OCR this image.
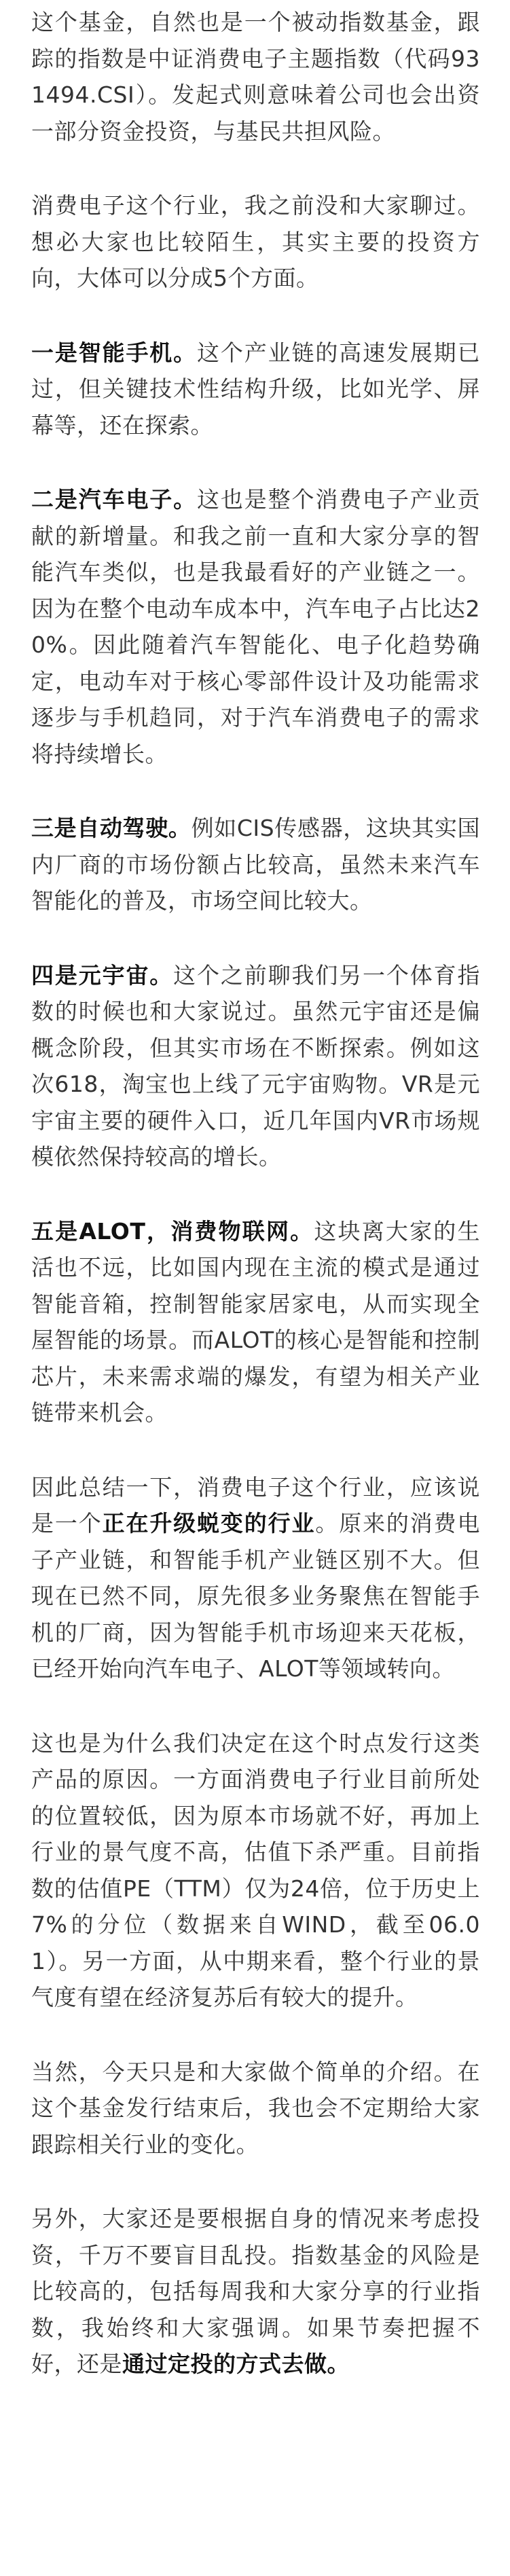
这个基金，自然也是一个被动指数基金，跟踪的指数是中证消费电子主题指数（代码931494.CSI）。发起式则意味着公司也会出资一部分资金投资，与基民共担风险。

消费电子这个行业，我之前没和大家聊过。想必大家也比较陌生，其实主要的投资方向，大体可以分成5个方面。

一是智能手机。这个产业链的高速发展期已过，但关键技术性结构升级，比如光学、屏幕等，还在探索。

二是汽车电子。这也是整个消费电子产业贡献的新增量。和我之前一直和大家分享的智能汽车类似，也是我最看好的产业链之一。因为在整个电动车成本中，汽车电子占比达20%。因此随着汽车智能化、电子化趋势确定，电动车对于核心零部件设计及功能需求逐步与手机趋同，对于汽车消费电子的需求将持续增长。

三是自动驾驶。例如CIS传感器，这块其实国内厂商的市场份额占比较高，虽然未来汽车智能化的普及，市场空间比较大。

四是元宇宙。这个之前聊我们另一个体育指数的时候也和大家说过。虽然元宇宙还是偏概念阶段，但其实市场在不断探索。例如这次618，淘宝也上线了元宇宙购物。VR是元宇宙主要的硬件入口，近几年国内VR市场规模依然保持较高的增长。

五是ALOT，消费物联网。这块离大家的生活也不远，比如国内现在主流的模式是通过智能音箱，控制智能家居家电，从而实现全屋智能的场景。而ALOT的核心是智能和控制芯片，未来需求端的爆发，有望为相关产业链带来机会。

因此总结一下，消费电子这个行业，应该说是一个正在升级蜕变的行业。原来的消费电子产业链，和智能手机产业链区别不大。但现在已然不同，原先很多业务聚焦在智能手机的厂商，因为智能手机市场迎来天花板，已经开始向汽车电子、ALOT等领域转向。

这也是为什么我们决定在这个时点发行这类产品的原因。一方面消费电子行业目前所处的位置较低，因为原本市场就不好，再加上行业的景气度不高，估值下杀严重。目前指数的估值PE（TTM）仅为24倍，位于历史上7%的分位（数据来自WIND，截至06.01）。另一方面，从中期来看，整个行业的景气度有望在经济复苏后有较大的提升。

当然，今天只是和大家做个简单的介绍。在这个基金发行结束后，我也会不定期给大家跟踪相关行业的变化。

另外，大家还是要根据自身的情况来考虑投资，千万不要盲目乱投。指数基金的风险是比较高的，包括每周我和大家分享的行业指数，我始终和大家强调。如果节奏把握不好，还是通过定投的方式去做。
